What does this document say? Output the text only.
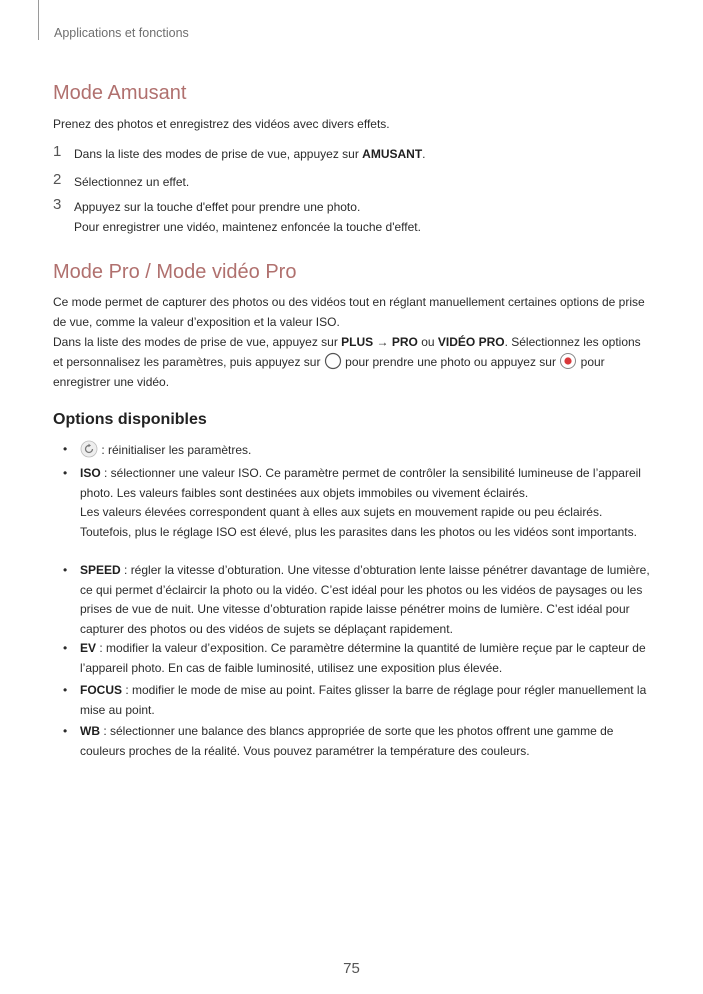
Applications et fonctions
Mode Amusant
Prenez des photos et enregistrez des vidéos avec divers effets.
1 Dans la liste des modes de prise de vue, appuyez sur AMUSANT.
2 Sélectionnez un effet.
3 Appuyez sur la touche d'effet pour prendre une photo.
Pour enregistrer une vidéo, maintenez enfoncée la touche d'effet.
Mode Pro / Mode vidéo Pro
Ce mode permet de capturer des photos ou des vidéos tout en réglant manuellement certaines options de prise de vue, comme la valeur d’exposition et la valeur ISO.
Dans la liste des modes de prise de vue, appuyez sur PLUS → PRO ou VIDÉO PRO. Sélectionnez les options et personnalisez les paramètres, puis appuyez sur  pour prendre une photo ou appuyez sur  pour enregistrer une vidéo.
Options disponibles
•	: réinitialiser les paramètres.
• ISO : sélectionner une valeur ISO. Ce paramètre permet de contrôler la sensibilité lumineuse de l’appareil photo. Les valeurs faibles sont destinées aux objets immobiles ou vivement éclairés.
Les valeurs élevées correspondent quant à elles aux sujets en mouvement rapide ou peu éclairés. Toutefois, plus le réglage ISO est élevé, plus les parasites dans les photos ou les vidéos sont importants.
• SPEED : régler la vitesse d’obturation. Une vitesse d’obturation lente laisse pénétrer davantage de lumière, ce qui permet d’éclaircir la photo ou la vidéo. C’est idéal pour les photos ou les vidéos de paysages ou les prises de vue de nuit. Une vitesse d’obturation rapide laisse pénétrer moins de lumière. C’est idéal pour capturer des photos ou des vidéos de sujets se déplaçant rapidement.
• EV : modifier la valeur d’exposition. Ce paramètre détermine la quantité de lumière reçue par le capteur de l’appareil photo. En cas de faible luminosité, utilisez une exposition plus élevée.
• FOCUS : modifier le mode de mise au point. Faites glisser la barre de réglage pour régler manuellement la mise au point.
• WB : sélectionner une balance des blancs appropriée de sorte que les photos offrent une gamme de couleurs proches de la réalité. Vous pouvez paramétrer la température des couleurs.
75
